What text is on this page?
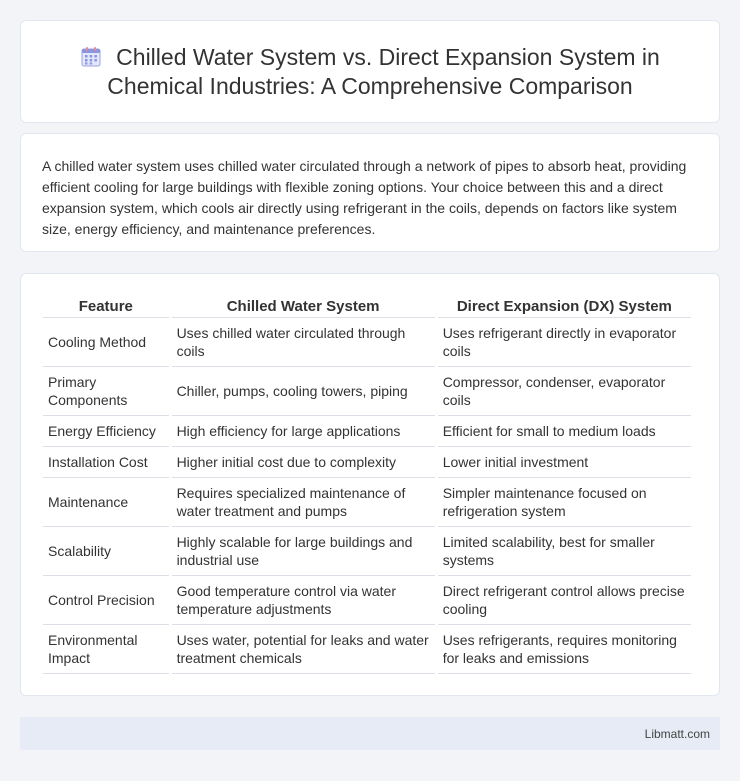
Chilled Water System vs. Direct Expansion System in Chemical Industries: A Comprehensive Comparison

A chilled water system uses chilled water circulated through a network of pipes to absorb heat, providing efficient cooling for large buildings with flexible zoning options. Your choice between this and a direct expansion system, which cools air directly using refrigerant in the coils, depends on factors like system size, energy efficiency, and maintenance preferences.

Feature	Chilled Water System	Direct Expansion (DX) System
Cooling Method	Uses chilled water circulated through coils	Uses refrigerant directly in evaporator coils
Primary Components	Chiller, pumps, cooling towers, piping	Compressor, condenser, evaporator coils
Energy Efficiency	High efficiency for large applications	Efficient for small to medium loads
Installation Cost	Higher initial cost due to complexity	Lower initial investment
Maintenance	Requires specialized maintenance of water treatment and pumps	Simpler maintenance focused on refrigeration system
Scalability	Highly scalable for large buildings and industrial use	Limited scalability, best for smaller systems
Control Precision	Good temperature control via water temperature adjustments	Direct refrigerant control allows precise cooling
Environmental Impact	Uses water, potential for leaks and water treatment chemicals	Uses refrigerants, requires monitoring for leaks and emissions
Libmatt.com
